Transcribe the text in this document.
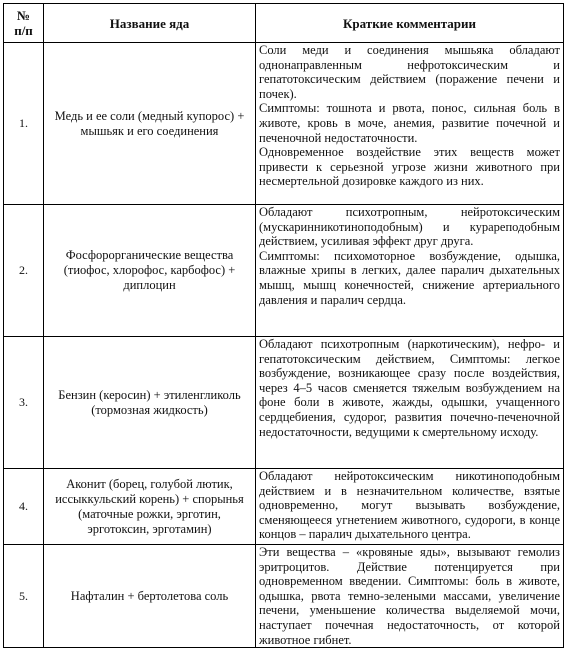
№
п/п	Название яда	Краткие комментарии
1.	Медь и ее соли (медный купорос) + мышьяк и его соединения	Соли меди и соединения мышьяка обладают однонаправленным нефротоксическим и гепатотоксическим действием (поражение печени и почек).

Симптомы: тошнота и рвота, понос, сильная боль в животе, кровь в моче, анемия, развитие почечной и печеночной недостаточности.

Одновременное воздействие этих веществ может привести к серьезной угрозе жизни животного при несмертельной дозировке каждого из них.

2.	Фосфорорганические вещества (тиофос, хлорофос, карбофос) + диплоцин	Обладают психотропным, нейротоксическим (мускаринникотиноподобным) и курареподобным действием, усиливая эффект друг друга.

Симптомы: психомоторное возбуждение, одышка, влажные хрипы в легких, далее паралич дыхательных мышц, мышц конечностей, снижение артериального давления и паралич сердца.

3.	Бензин (керосин) + этиленгликоль (тормозная жидкость)	Обладают психотропным (наркотическим), нефро- и гепатотоксическим действием, Симптомы: легкое возбуждение, возникающее сразу после воздействия, через 4–5 часов сменяется тяжелым возбуждением на фоне боли в животе, жажды, одышки, учащенного сердцебиения, судорог, развития почечно-печеночной недостаточности, ведущими к смертельному исходу.

4.	Аконит (борец, голубой лютик, иссыккульский корень) + спорынья (маточные рожки, эрготин, эрготоксин, эрготамин)	Обладают нейротоксическим никотиноподобным действием и в незначительном количестве, взятые одновременно, могут вызывать возбуждение, сменяющееся угнетением животного, судороги, в конце концов – паралич дыхательного центра.

5.	Нафталин + бертолетова соль	Эти вещества – «кровяные яды», вызывают гемолиз эритроцитов. Действие потенцируется при одновременном введении. Симптомы: боль в животе, одышка, рвота темно-зелеными массами, увеличение печени, уменьшение количества выделяемой мочи, наступает почечная недостаточность, от которой животное гибнет.
